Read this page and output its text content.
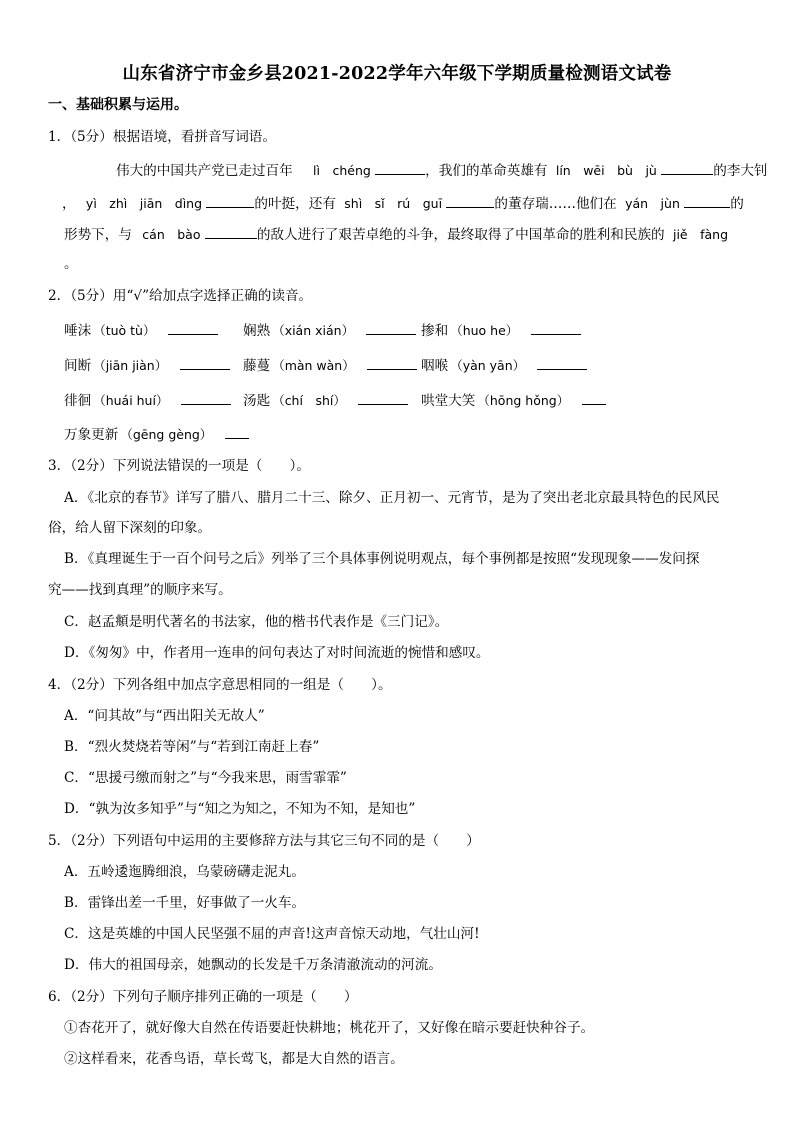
山东省济宁市金乡县2021-2022学年六年级下学期质量检测语文试卷
一、基础积累与运用。
1．（5分）根据语境，看拼音写词语。
伟大的中国共产党已走过百年 lì　chéng	，我们的革命英雄有 lín　wēi　bù　jù	的李大钊
， yì　zhì　jiān　dìng	的叶挺，还有 shì　sǐ　rú　guī	的董存瑞……他们在 yán　jùn	的
形势下，与 cán　bào	的敌人进行了艰苦卓绝的斗争，最终取得了中国革命的胜利和民族的 jiě　fàng
。
2．（5分）用“√”给加点字选择正确的读音。
唾沫 （tuò tù）	娴熟 （xián xián）	掺和 （huo he）
间断 （jiān jiàn）	藤蔓 （màn wàn）	咽喉 （yàn yān）
徘徊 （huái huí）	汤匙 （chí　shí）	哄堂大笑 （hōng hǒng）
万象更新 （gēng gèng）
3．（2分）下列说法错误的一项是（　　）。
A．《北京的春节》详写了腊八、腊月二十三、除夕、正月初一、元宵节，是为了突出老北京最具特色的民风民
俗，给人留下深刻的印象。
B．《真理诞生于一百个问号之后》列举了三个具体事例说明观点，每个事例都是按照“发现现象——发问探
究——找到真理”的顺序来写。
C．赵孟頫是明代著名的书法家，他的楷书代表作是《三门记》。
D．《匆匆》中，作者用一连串的问句表达了对时间流逝的惋惜和感叹。
4．（2分）下列各组中加点字意思相同的一组是（　　）。
A．“问其故”与“西出阳关无故人”
B．“烈火焚烧若等闲”与“若到江南赶上春”
C．“思援弓缴而射之”与“今我来思，雨雪霏霏”
D．“孰为汝多知乎”与“知之为知之，不知为不知，是知也”
5．（2分）下列语句中运用的主要修辞方法与其它三句不同的是（　　）
A．五岭逶迤腾细浪，乌蒙磅礴走泥丸。
B．雷锋出差一千里，好事做了一火车。
C．这是英雄的中国人民坚强不屈的声音!这声音惊天动地，气壮山河!
D．伟大的祖国母亲，她飘动的长发是千万条清澈流动的河流。
6．（2分）下列句子顺序排列正确的一项是（　　）
①杏花开了，就好像大自然在传语要赶快耕地；桃花开了，又好像在暗示要赶快种谷子。
②这样看来，花香鸟语，草长莺飞，都是大自然的语言。
